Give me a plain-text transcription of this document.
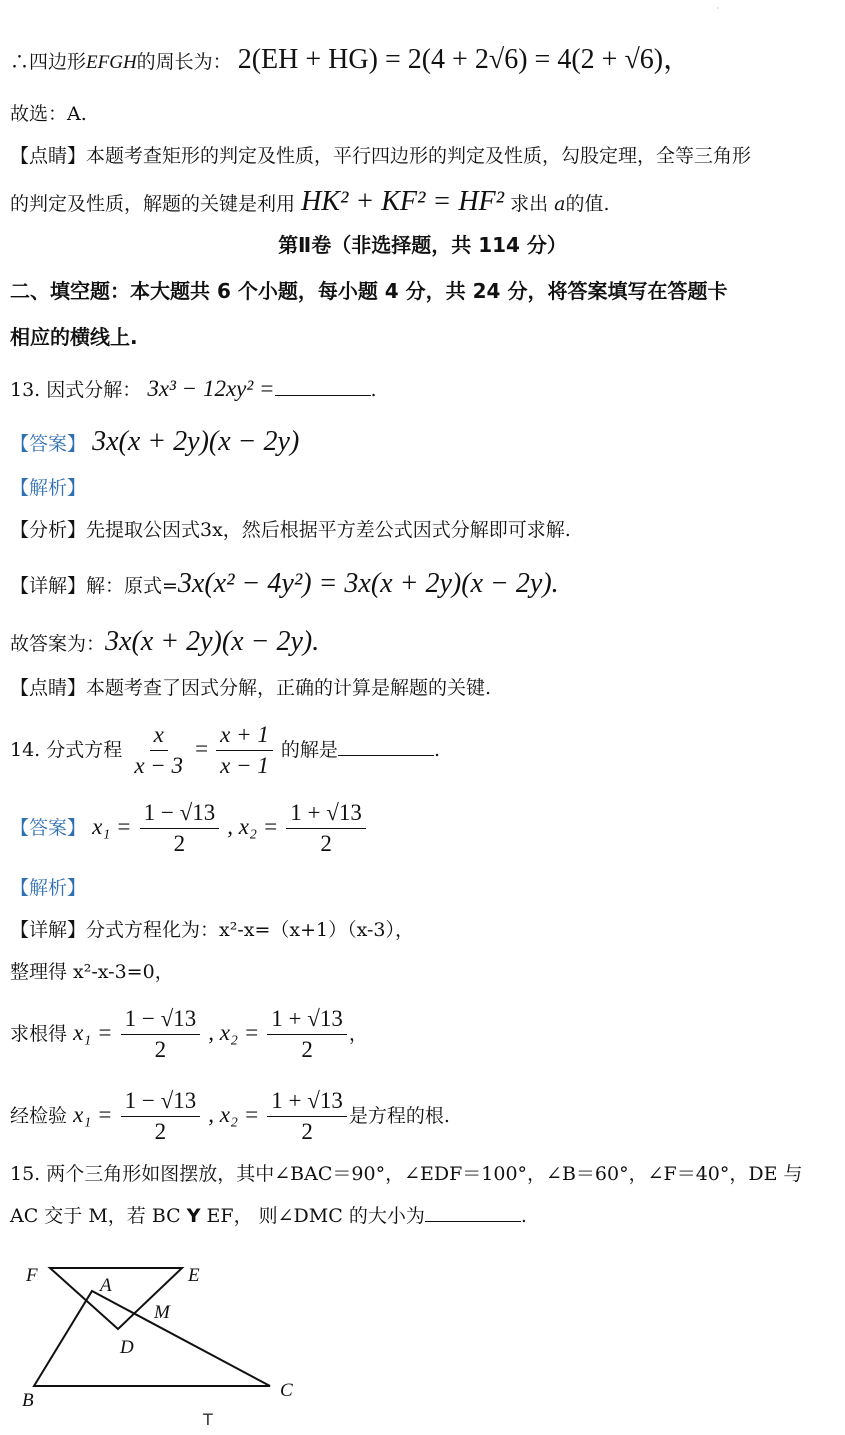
·
∴四边形EFGH的周长为： 2(EH + HG) = 2(4 + 2√6) = 4(2 + √6)，
故选：A.
【点睛】本题考查矩形的判定及性质，平行四边形的判定及性质，勾股定理，全等三角形
的判定及性质，解题的关键是利用 HK² + KF² = HF² 求出 a的值.
第Ⅱ卷（非选择题，共 114 分）
二、填空题：本大题共 6 个小题，每小题 4 分，共 24 分，将答案填写在答题卡
相应的横线上.
13. 因式分解： 3x³ − 12xy² =	.
【答案】 3x(x + 2y)(x − 2y)
【解析】
【分析】先提取公因式3x，然后根据平方差公式因式分解即可求解.
【详解】解：原式=3x(x² − 4y²) = 3x(x + 2y)(x − 2y).
故答案为：3x(x + 2y)(x − 2y).
【点睛】本题考查了因式分解，正确的计算是解题的关键.
14. 分式方程 $\frac{x}{x - 3} = \frac{x + 1}{x - 1}$ 的解是	.
【答案】 $x_1 = \frac{1 - √13}{2}$ , $x_2 = \frac{1 + √13}{2}$
【解析】
【详解】分式方程化为：x²-x=（x+1）（x-3），
整理得 x²-x-3=0，
求根得 $x_1 = \frac{1 - √13}{2}$ , $x_2 = \frac{1 + √13}{2}$ ，
经检验 $x_1 = \frac{1 - √13}{2}$ , $x_2 = \frac{1 + √13}{2}$ 是方程的根.
15. 两个三角形如图摆放，其中∠BAC＝90°，∠EDF＝100°，∠B＝60°，∠F＝40°，DE 与
AC 交于 M，若 BC Y EF， 则∠DMC 的大小为	.
F	E
A
M
D
B	C
T
